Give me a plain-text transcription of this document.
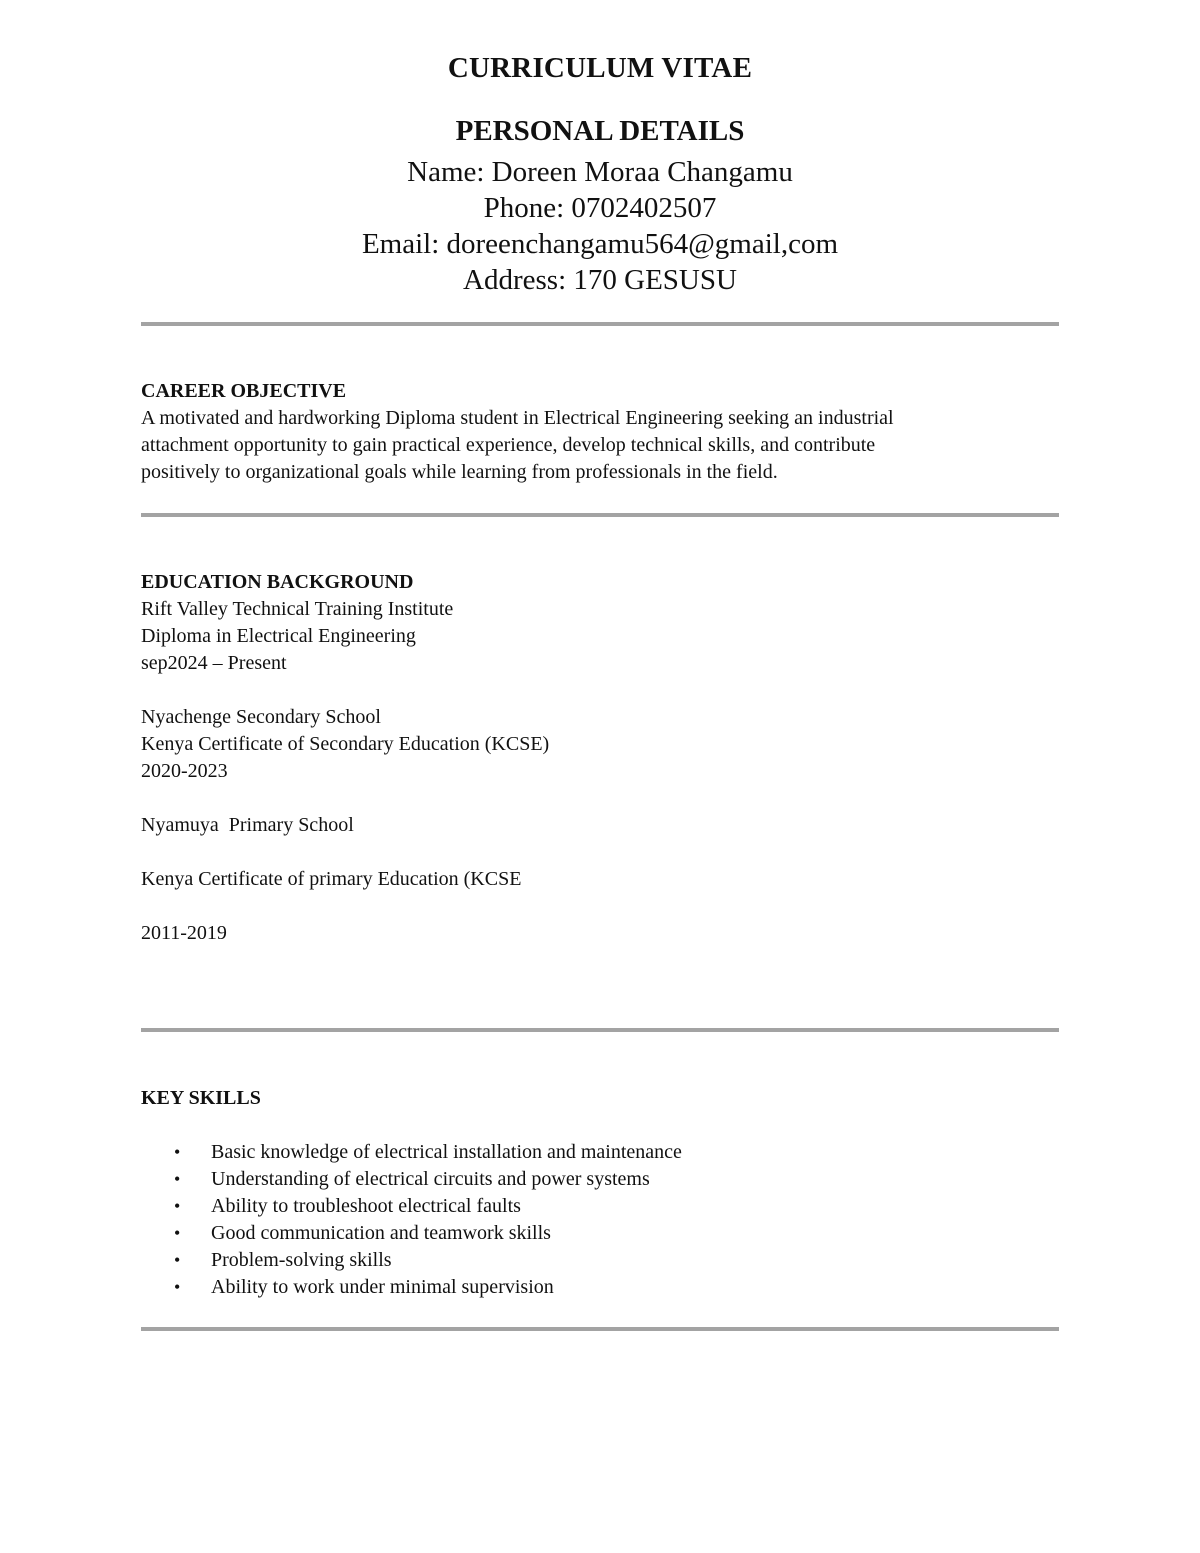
CURRICULUM VITAE
PERSONAL DETAILS
Name: Doreen Moraa Changamu
Phone: 0702402507
Email: doreenchangamu564@gmail,com
Address: 170 GESUSU

CAREER OBJECTIVE

A motivated and hardworking Diploma student in Electrical Engineering seeking an industrial

attachment opportunity to gain practical experience, develop technical skills, and contribute

positively to organizational goals while learning from professionals in the field.

EDUCATION BACKGROUND

Rift Valley Technical Training Institute
Diploma in Electrical Engineering
sep2024 – Present
Nyachenge Secondary School
Kenya Certificate of Secondary Education (KCSE)
2020-2023
Nyamuya  Primary School
Kenya Certificate of primary Education (KCSE
2011-2019

KEY SKILLS

• Basic knowledge of electrical installation and maintenance
• Understanding of electrical circuits and power systems
• Ability to troubleshoot electrical faults
• Good communication and teamwork skills
• Problem-solving skills
• Ability to work under minimal supervision
